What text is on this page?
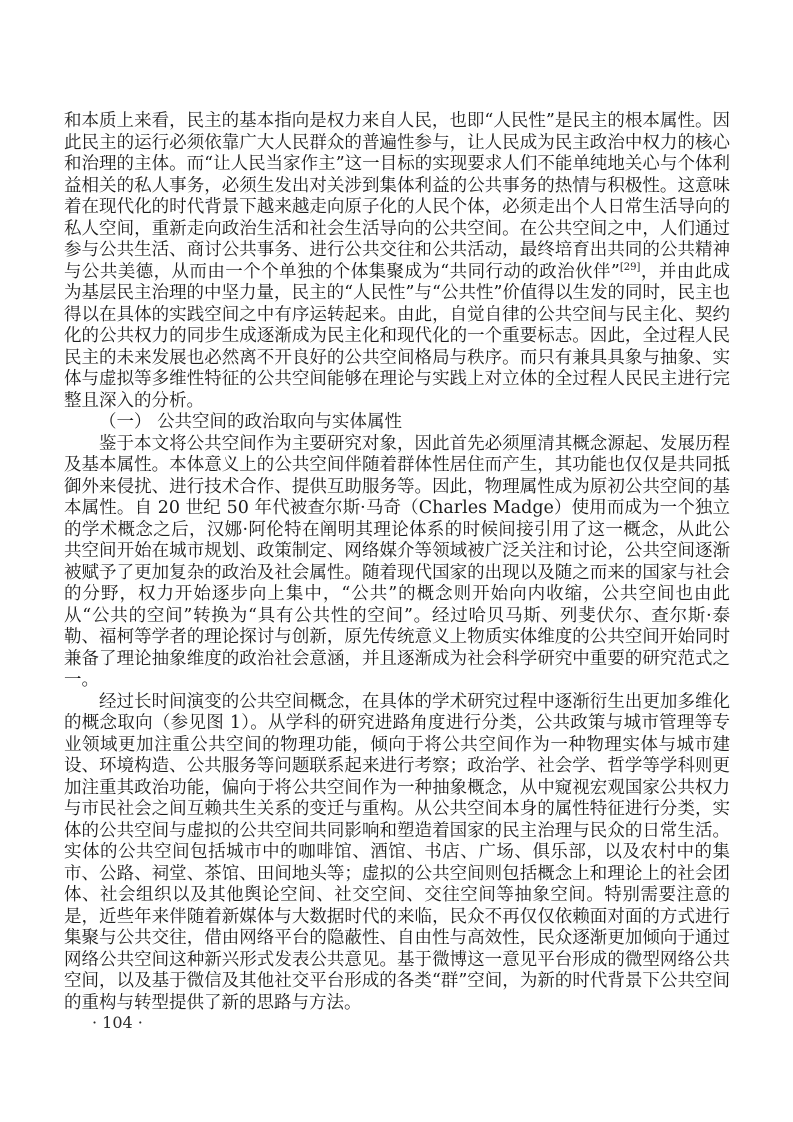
和本质上来看，民主的基本指向是权力来自人民，也即“人民性”是民主的根本属性。因此民主的运行必须依靠广大人民群众的普遍性参与，让人民成为民主政治中权力的核心和治理的主体。而“让人民当家作主”这一目标的实现要求人们不能单纯地关心与个体利益相关的私人事务，必须生发出对关涉到集体利益的公共事务的热情与积极性。这意味着在现代化的时代背景下越来越走向原子化的人民个体，必须走出个人日常生活导向的私人空间，重新走向政治生活和社会生活导向的公共空间。在公共空间之中，人们通过参与公共生活、商讨公共事务、进行公共交往和公共活动，最终培育出共同的公共精神与公共美德，从而由一个个单独的个体集聚成为“共同行动的政治伙伴”[29]，并由此成为基层民主治理的中坚力量，民主的“人民性”与“公共性”价值得以生发的同时，民主也得以在具体的实践空间之中有序运转起来。由此，自觉自律的公共空间与民主化、契约化的公共权力的同步生成逐渐成为民主化和现代化的一个重要标志。因此，全过程人民民主的未来发展也必然离不开良好的公共空间格局与秩序。而只有兼具具象与抽象、实体与虚拟等多维性特征的公共空间能够在理论与实践上对立体的全过程人民民主进行完整且深入的分析。

（一） 公共空间的政治取向与实体属性

鉴于本文将公共空间作为主要研究对象，因此首先必须厘清其概念源起、发展历程及基本属性。本体意义上的公共空间伴随着群体性居住而产生，其功能也仅仅是共同抵御外来侵扰、进行技术合作、提供互助服务等。因此，物理属性成为原初公共空间的基本属性。自 20 世纪 50 年代被查尔斯·马奇（Charles Madge）使用而成为一个独立的学术概念之后，汉娜·阿伦特在阐明其理论体系的时候间接引用了这一概念，从此公共空间开始在城市规划、政策制定、网络媒介等领域被广泛关注和讨论，公共空间逐渐被赋予了更加复杂的政治及社会属性。随着现代国家的出现以及随之而来的国家与社会的分野，权力开始逐步向上集中，“公共”的概念则开始向内收缩，公共空间也由此从“公共的空间”转换为“具有公共性的空间”。经过哈贝马斯、列斐伏尔、查尔斯·泰勒、福柯等学者的理论探讨与创新，原先传统意义上物质实体维度的公共空间开始同时兼备了理论抽象维度的政治社会意涵，并且逐渐成为社会科学研究中重要的研究范式之一。

经过长时间演变的公共空间概念，在具体的学术研究过程中逐渐衍生出更加多维化的概念取向（参见图 1）。从学科的研究进路角度进行分类，公共政策与城市管理等专业领域更加注重公共空间的物理功能，倾向于将公共空间作为一种物理实体与城市建设、环境构造、公共服务等问题联系起来进行考察；政治学、社会学、哲学等学科则更加注重其政治功能，偏向于将公共空间作为一种抽象概念，从中窥视宏观国家公共权力与市民社会之间互赖共生关系的变迁与重构。从公共空间本身的属性特征进行分类，实体的公共空间与虚拟的公共空间共同影响和塑造着国家的民主治理与民众的日常生活。实体的公共空间包括城市中的咖啡馆、酒馆、书店、广场、俱乐部，以及农村中的集市、公路、祠堂、茶馆、田间地头等；虚拟的公共空间则包括概念上和理论上的社会团体、社会组织以及其他舆论空间、社交空间、交往空间等抽象空间。特别需要注意的是，近些年来伴随着新媒体与大数据时代的来临，民众不再仅仅依赖面对面的方式进行集聚与公共交往，借由网络平台的隐蔽性、自由性与高效性，民众逐渐更加倾向于通过网络公共空间这种新兴形式发表公共意见。基于微博这一意见平台形成的微型网络公共空间，以及基于微信及其他社交平台形成的各类“群”空间，为新的时代背景下公共空间的重构与转型提供了新的思路与方法。

· 104 ·
